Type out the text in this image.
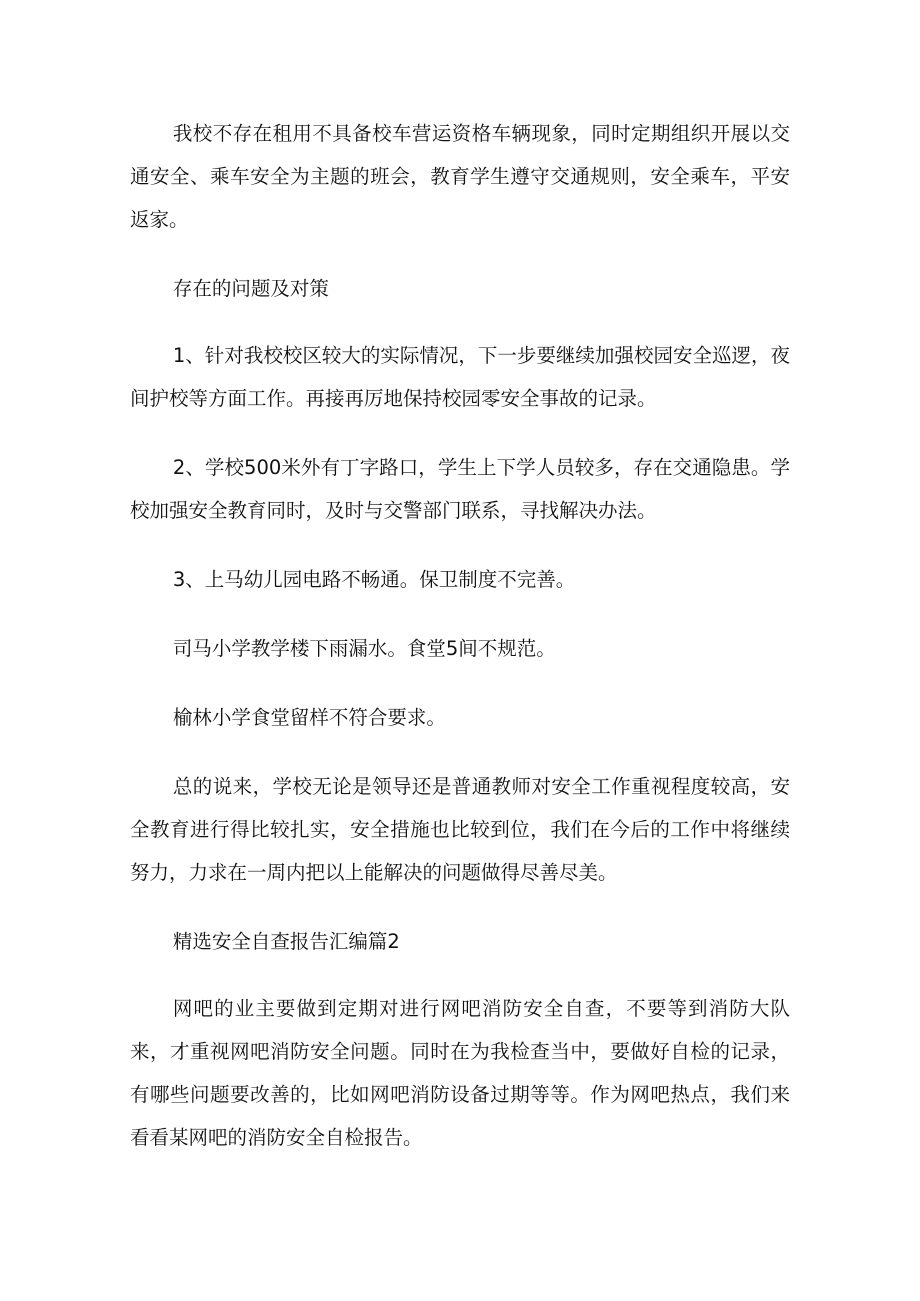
我校不存在租用不具备校车营运资格车辆现象，同时定期组织开展以交通安全、乘车安全为主题的班会，教育学生遵守交通规则，安全乘车，平安返家。

存在的问题及对策

1、针对我校校区较大的实际情况，下一步要继续加强校园安全巡逻，夜间护校等方面工作。再接再厉地保持校园零安全事故的记录。

2、学校500米外有丁字路口，学生上下学人员较多，存在交通隐患。学校加强安全教育同时，及时与交警部门联系，寻找解决办法。

3、上马幼儿园电路不畅通。保卫制度不完善。

司马小学教学楼下雨漏水。食堂5间不规范。

榆林小学食堂留样不符合要求。

总的说来，学校无论是领导还是普通教师对安全工作重视程度较高，安全教育进行得比较扎实，安全措施也比较到位，我们在今后的工作中将继续努力，力求在一周内把以上能解决的问题做得尽善尽美。

精选安全自查报告汇编篇2

网吧的业主要做到定期对进行网吧消防安全自查，不要等到消防大队来，才重视网吧消防安全问题。同时在为我检查当中，要做好自检的记录，有哪些问题要改善的，比如网吧消防设备过期等等。作为网吧热点，我们来看看某网吧的消防安全自检报告。
